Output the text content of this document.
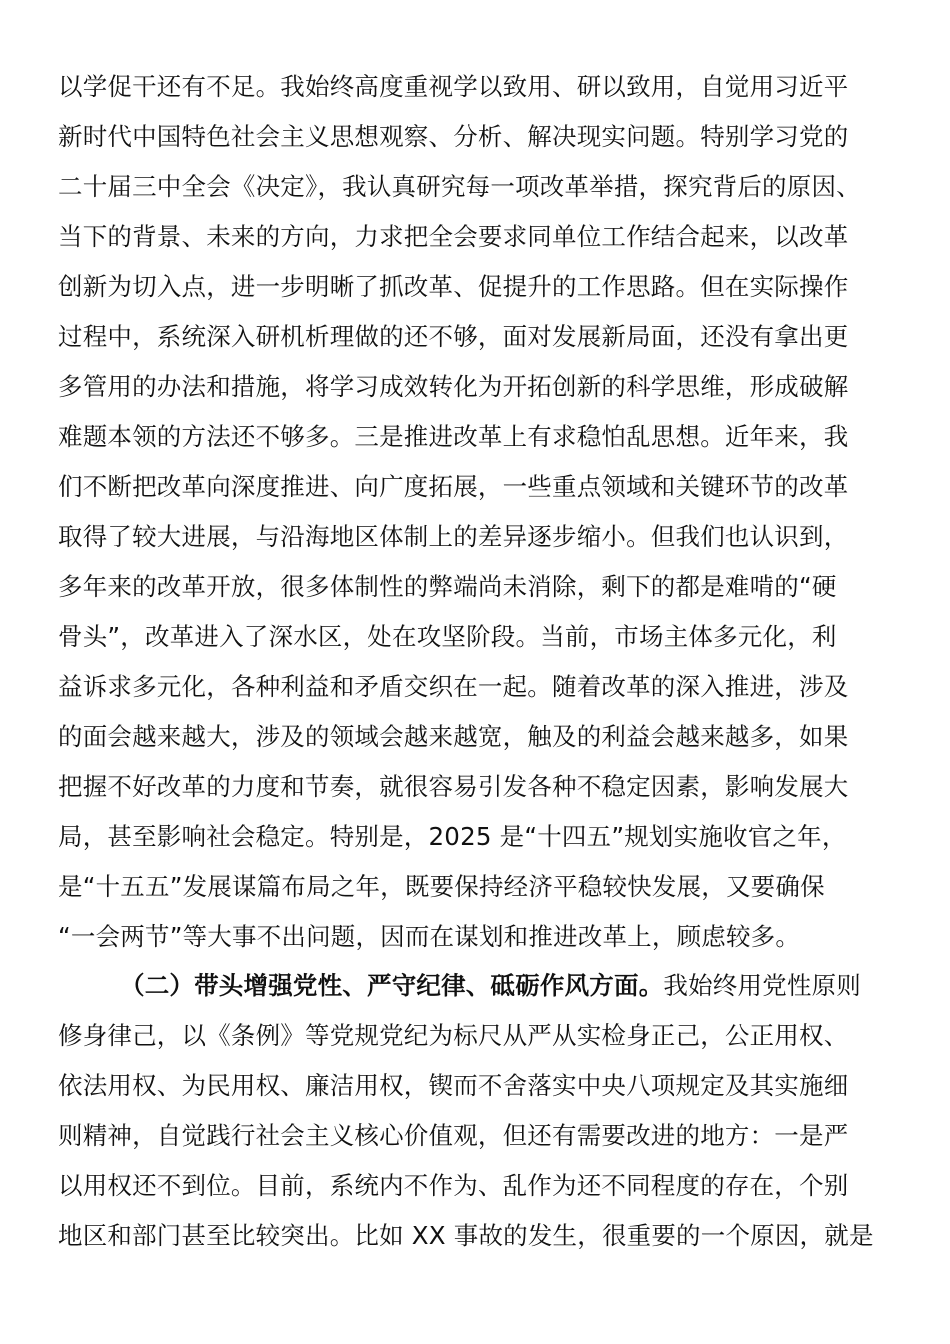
以学促干还有不足。我始终高度重视学以致用、研以致用，自觉用习近平
新时代中国特色社会主义思想观察、分析、解决现实问题。特别学习党的
二十届三中全会《决定》，我认真研究每一项改革举措，探究背后的原因、
当下的背景、未来的方向，力求把全会要求同单位工作结合起来，以改革
创新为切入点，进一步明晰了抓改革、促提升的工作思路。但在实际操作
过程中，系统深入研机析理做的还不够，面对发展新局面，还没有拿出更
多管用的办法和措施，将学习成效转化为开拓创新的科学思维，形成破解
难题本领的方法还不够多。三是推进改革上有求稳怕乱思想。近年来，我
们不断把改革向深度推进、向广度拓展，一些重点领域和关键环节的改革
取得了较大进展，与沿海地区体制上的差异逐步缩小。但我们也认识到，
多年来的改革开放，很多体制性的弊端尚未消除，剩下的都是难啃的“硬
骨头”，改革进入了深水区，处在攻坚阶段。当前，市场主体多元化，利
益诉求多元化，各种利益和矛盾交织在一起。随着改革的深入推进，涉及
的面会越来越大，涉及的领域会越来越宽，触及的利益会越来越多，如果
把握不好改革的力度和节奏，就很容易引发各种不稳定因素，影响发展大
局，甚至影响社会稳定。特别是，2025 是“十四五”规划实施收官之年，
是“十五五”发展谋篇布局之年，既要保持经济平稳较快发展，又要确保
“一会两节”等大事不出问题，因而在谋划和推进改革上，顾虑较多。
（二）带头增强党性、严守纪律、砥砺作风方面。我始终用党性原则
修身律己，以《条例》等党规党纪为标尺从严从实检身正己，公正用权、
依法用权、为民用权、廉洁用权，锲而不舍落实中央八项规定及其实施细
则精神，自觉践行社会主义核心价值观，但还有需要改进的地方：一是严
以用权还不到位。目前，系统内不作为、乱作为还不同程度的存在，个别
地区和部门甚至比较突出。比如 XX 事故的发生，很重要的一个原因，就是
